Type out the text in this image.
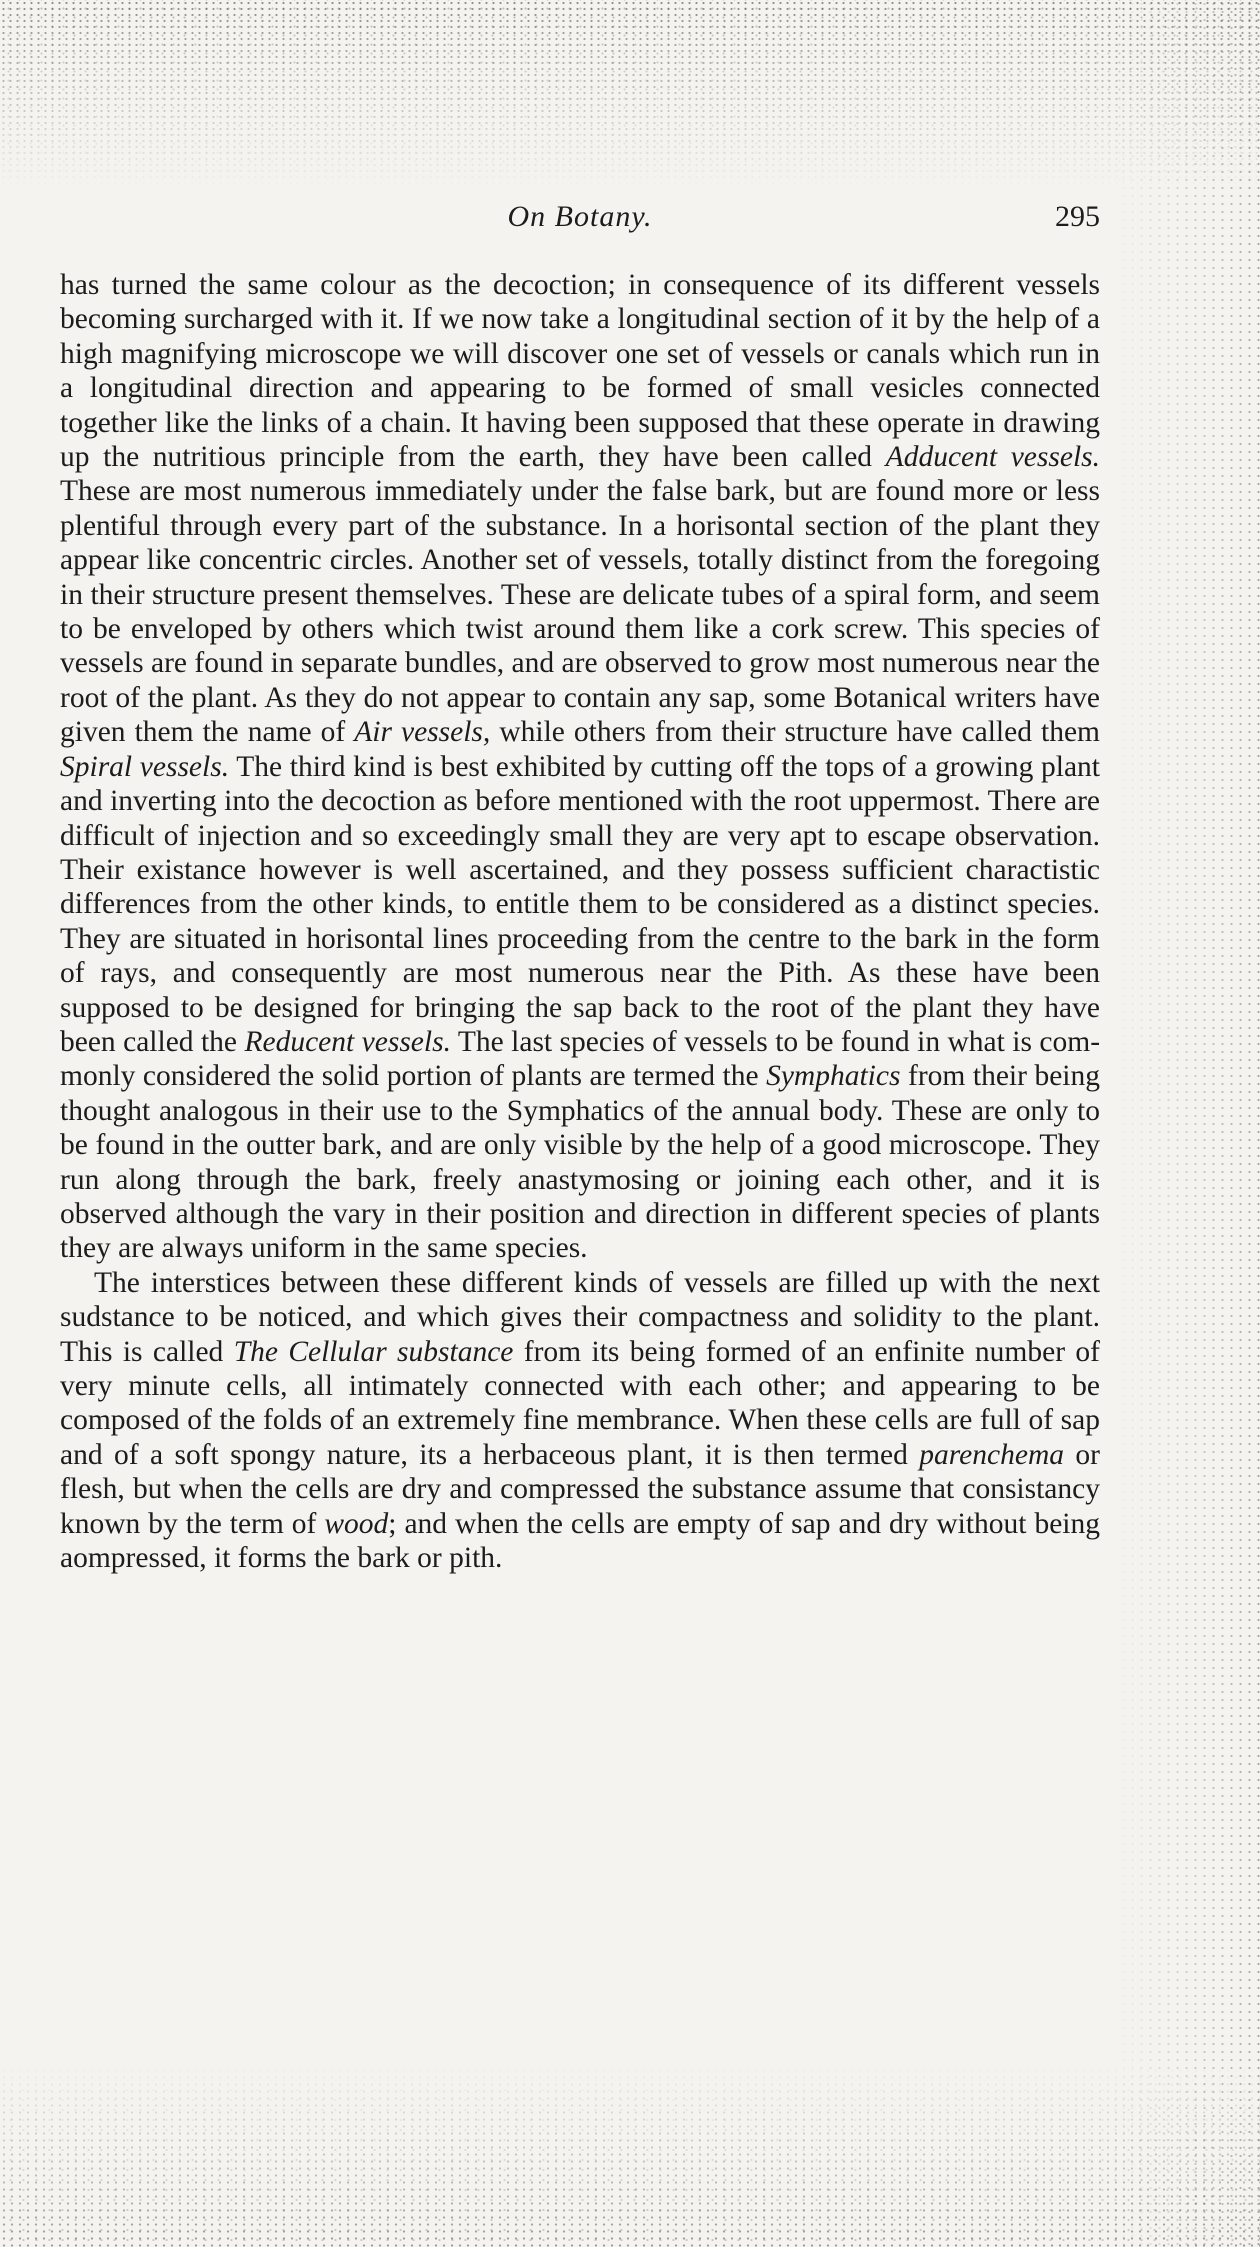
On Botany.	295

has turned the same colour as the decoction; in consequence of its different vessels becoming surcharged with it. If we now take a longitudinal section of it by the help of a high magnifying microscope we will discover one set of vessels or canals which run in a longitudinal direction and appearing to be formed of small vesicles connected together like the links of a chain. It having been supposed that these operate in drawing up the nutritious principle from the earth, they have been called Adducent vessels. These are most numerous immediately under the false bark, but are found more or less plentiful through every part of the substance. In a horisontal section of the plant they appear like concentric circles. Another set of vessels, totally distinct from the foregoing in their structure present themselves. These are delicate tubes of a spiral form, and seem to be enveloped by others which twist around them like a cork screw. This species of vessels are found in separate bundles, and are observed to grow most numerous near the root of the plant. As they do not appear to contain any sap, some Botanical writers have given them the name of Air vessels, while others from their structure have called them Spiral vessels. The third kind is best exhibited by cutting off the tops of a growing plant and inverting into the decoction as before mentioned with the root uppermost. There are difficult of injection and so exceedingly small they are very apt to escape observation. Their existance however is well ascertained, and they possess sufficient charactistic differences from the other kinds, to entitle them to be considered as a distinct species. They are situated in horisontal lines proceeding from the centre to the bark in the form of rays, and consequently are most numerous near the Pith. As these have been supposed to be designed for bringing the sap back to the root of the plant they have been called the Reducent vessels. The last species of vessels to be found in what is commonly considered the solid portion of plants are termed the Symphatics from their being thought analogous in their use to the Symphatics of the annual body. These are only to be found in the outter bark, and are only visible by the help of a good microscope. They run along through the bark, freely anastymosing or joining each other, and it is observed although the vary in their position and direction in different species of plants they are always uniform in the same species.

The interstices between these different kinds of vessels are filled up with the next sudstance to be noticed, and which gives their compactness and solidity to the plant. This is called The Cellular substance from its being formed of an enfinite number of very minute cells, all intimately connected with each other; and appearing to be composed of the folds of an extremely fine membrance. When these cells are full of sap and of a soft spongy nature, its a herbaceous plant, it is then termed parenchema or flesh, but when the cells are dry and compressed the substance assume that consistancy known by the term of wood; and when the cells are empty of sap and dry without being aompressed, it forms the bark or pith.
